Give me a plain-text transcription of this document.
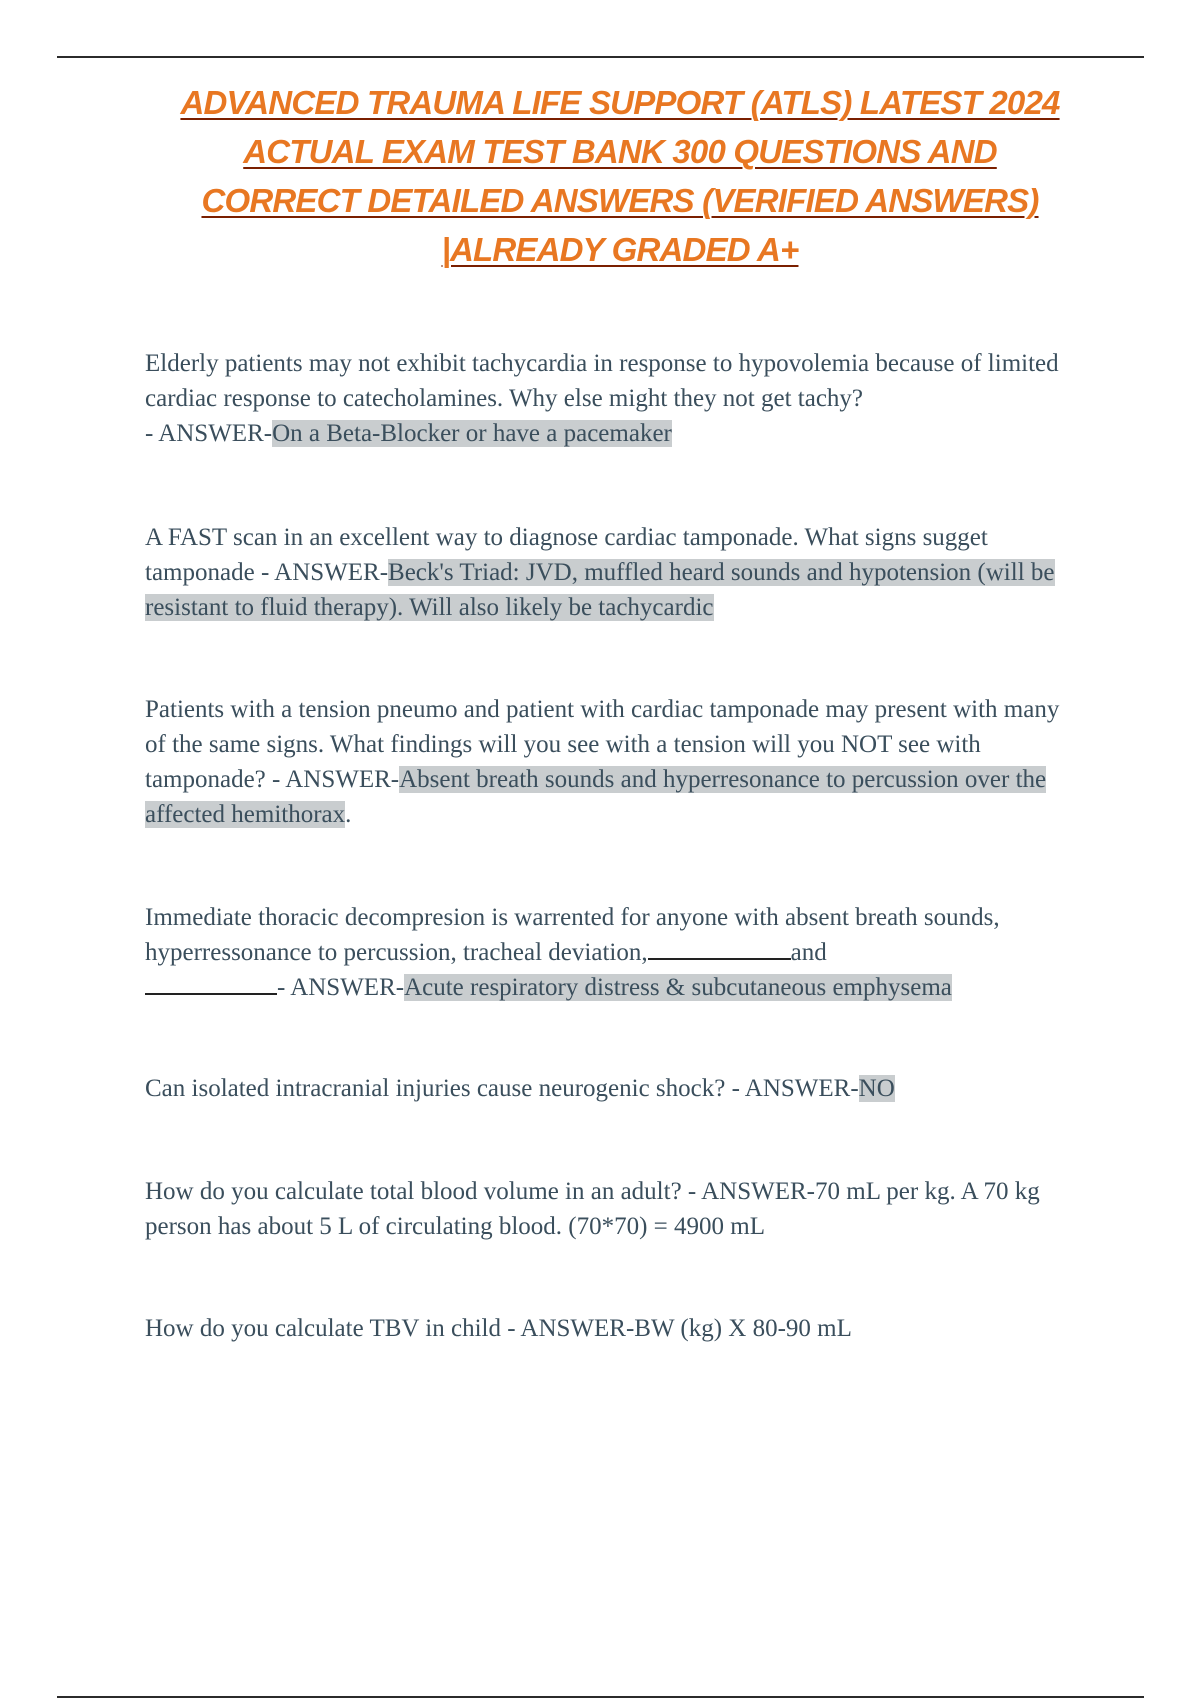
ADVANCED TRAUMA LIFE SUPPORT (ATLS) LATEST 2024
ACTUAL EXAM TEST BANK 300 QUESTIONS AND
CORRECT DETAILED ANSWERS (VERIFIED ANSWERS)
|ALREADY GRADED A+

Elderly patients may not exhibit tachycardia in response to hypovolemia because of limited cardiac response to catecholamines. Why else might they not get tachy?
- ANSWER-On a Beta-Blocker or have a pacemaker

A FAST scan in an excellent way to diagnose cardiac tamponade. What signs sugget tamponade - ANSWER-Beck's Triad: JVD, muffled heard sounds and hypotension (will be resistant to fluid therapy). Will also likely be tachycardic

Patients with a tension pneumo and patient with cardiac tamponade may present with many of the same signs. What findings will you see with a tension will you NOT see with tamponade? - ANSWER-Absent breath sounds and hyperresonance to percussion over the affected hemithorax.

Immediate thoracic decompresion is warrented for anyone with absent breath sounds, hyperressonance to percussion, tracheal deviation,	and
- ANSWER-Acute respiratory distress & subcutaneous emphysema

Can isolated intracranial injuries cause neurogenic shock? - ANSWER-NO

How do you calculate total blood volume in an adult? - ANSWER-70 mL per kg. A 70 kg person has about 5 L of circulating blood. (70*70) = 4900 mL

How do you calculate TBV in child - ANSWER-BW (kg) X 80-90 mL
